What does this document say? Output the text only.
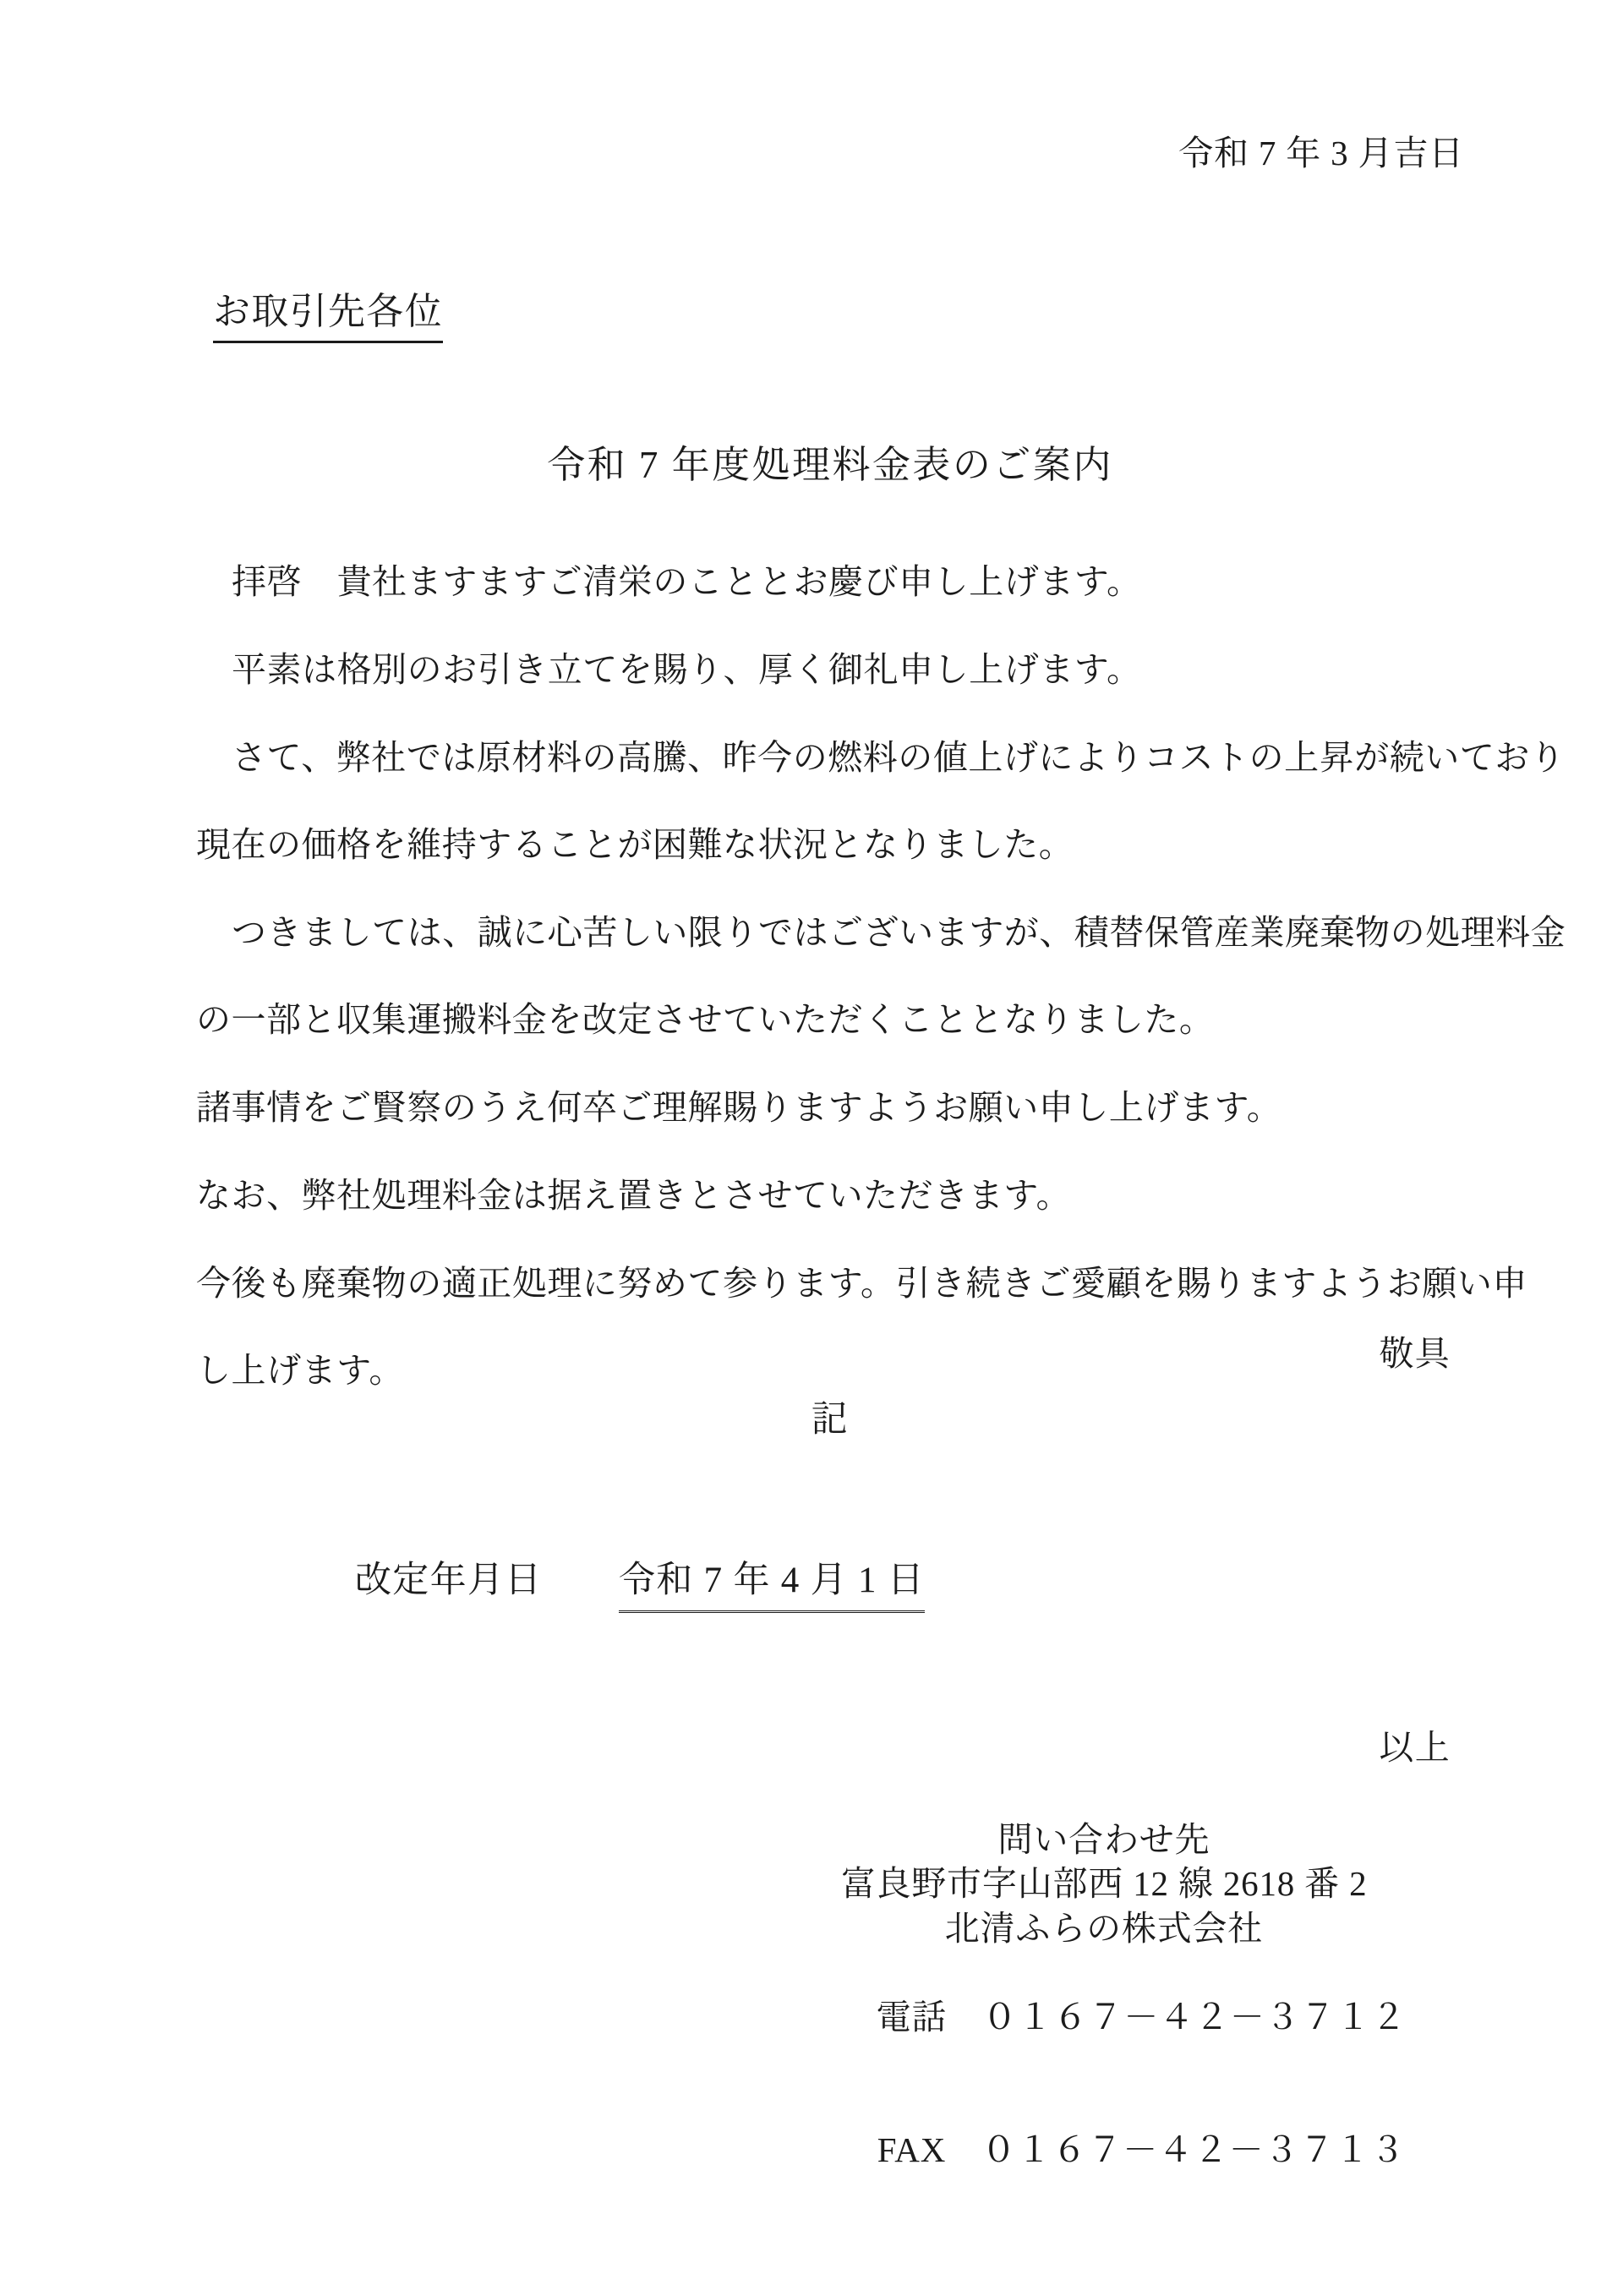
令和 7 年 3 月吉日
お取引先各位
令和 7 年度処理料金表のご案内

拝啓　貴社ますますご清栄のこととお慶び申し上げます。

平素は格別のお引き立てを賜り、厚く御礼申し上げます。

さて、弊社では原材料の高騰、昨今の燃料の値上げによりコストの上昇が続いており

現在の価格を維持することが困難な状況となりました。

つきましては、誠に心苦しい限りではございますが、積替保管産業廃棄物の処理料金

の一部と収集運搬料金を改定させていただくこととなりました。

諸事情をご賢察のうえ何卒ご理解賜りますようお願い申し上げます。

なお、弊社処理料金は据え置きとさせていただきます。

今後も廃棄物の適正処理に努めて参ります。引き続きご愛顧を賜りますようお願い申

し上げます。	敬具
記

改定年月日

令和 7 年 4 月 1 日

以上
問い合わせ先
富良野市字山部西 12 線 2618 番 2
北清ふらの株式会社

電話　 ０１６７－４２－３７１２

FAX　 ０１６７－４２－３７１３
